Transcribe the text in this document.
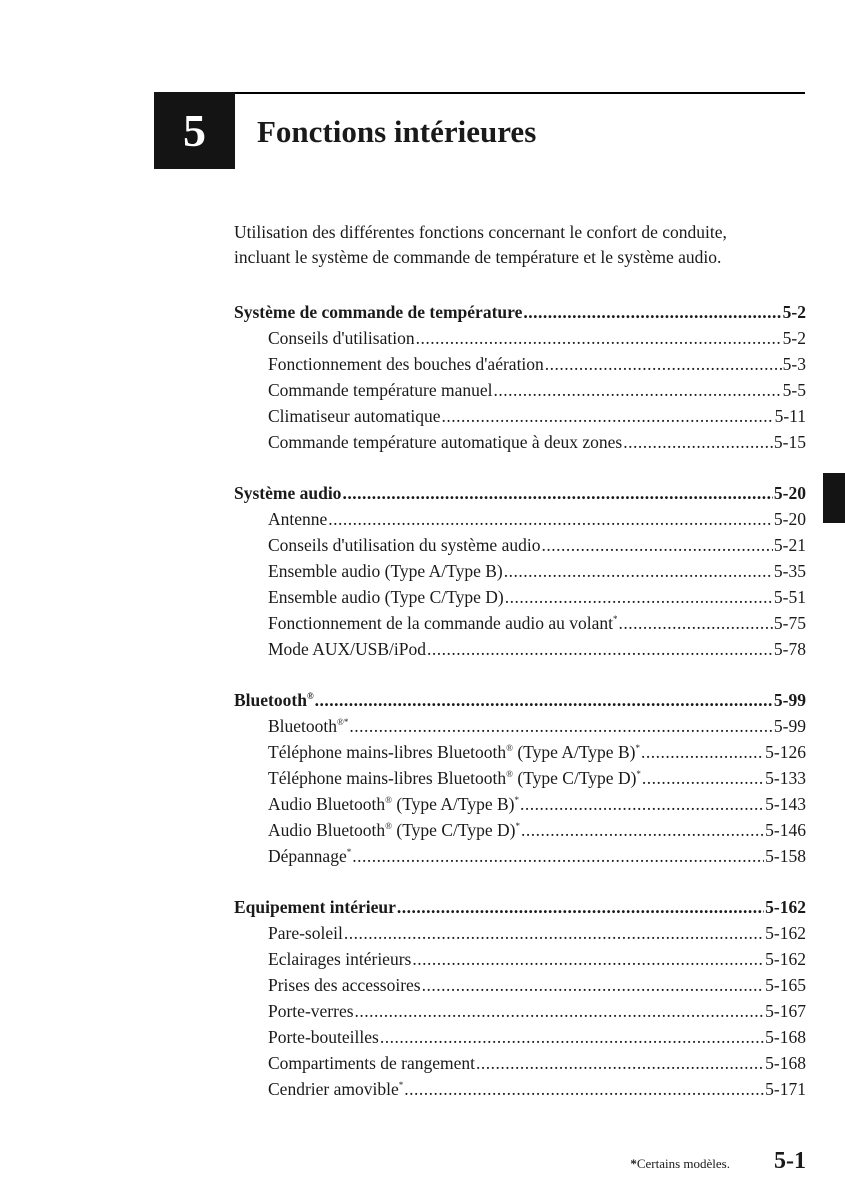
5	Fonctions intérieures

Utilisation des différentes fonctions concernant le confort de conduite,

incluant le système de commande de température et le système audio.

Système de commande de température .....	5-2
Conseils d'utilisation .....	5-2
Fonctionnement des bouches d'aération .....	5-3
Commande température manuel .....	5-5
Climatiseur automatique .....	5-11
Commande température automatique à deux zones .....	5-15
Système audio .....	5-20
Antenne .....	5-20
Conseils d'utilisation du système audio .....	5-21
Ensemble audio (Type A/Type B) .....	5-35
Ensemble audio (Type C/Type D) .....	5-51
Fonctionnement de la commande audio au volant* .....	5-75
Mode AUX/USB/iPod .....	5-78
Bluetooth® .....	5-99
Bluetooth®* .....	5-99
Téléphone mains-libres Bluetooth® (Type A/Type B)* .....	5-126
Téléphone mains-libres Bluetooth® (Type C/Type D)* .....	5-133
Audio Bluetooth® (Type A/Type B)* .....	5-143
Audio Bluetooth® (Type C/Type D)* .....	5-146
Dépannage* .....	5-158
Equipement intérieur .....	5-162
Pare-soleil .....	5-162
Eclairages intérieurs .....	5-162
Prises des accessoires .....	5-165
Porte-verres .....	5-167
Porte-bouteilles .....	5-168
Compartiments de rangement .....	5-168
Cendrier amovible* .....	5-171
*Certains modèles. 5-1
